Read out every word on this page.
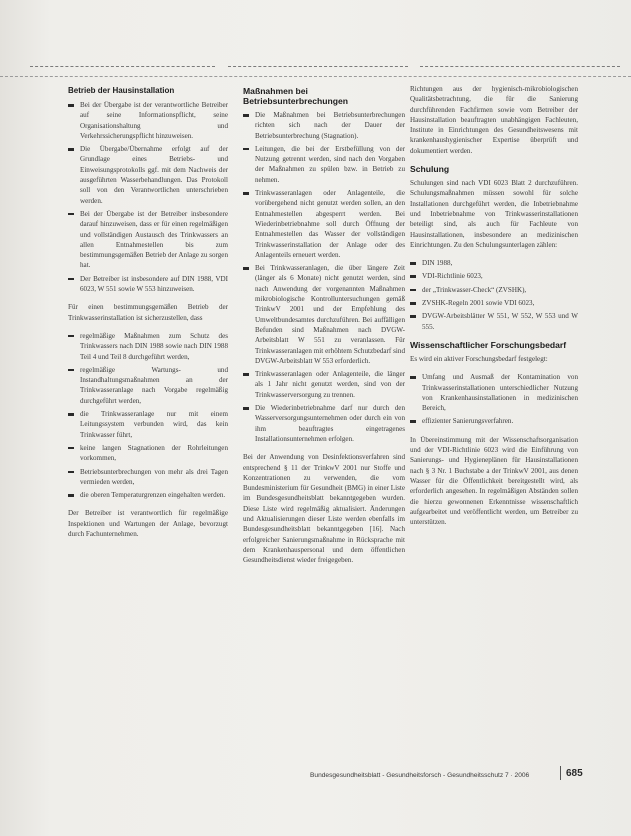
Betrieb der Hausinstallation
Bei der Übergabe ist der verantwortliche Betreiber auf seine Informationspflicht, seine Organisationshaltung und Verkehrssicherungspflicht hinzuweisen.
Die Übergabe/Übernahme erfolgt auf der Grundlage eines Betriebs- und Einweisungsprotokolls ggf. mit dem Nachweis der ausgeführten Wasserbehandlungen. Das Protokoll soll von den Verantwortlichen unterschrieben werden.
Bei der Übergabe ist der Betreiber insbesondere darauf hinzuweisen, dass er für einen regelmäßigen und vollständigen Austausch des Trinkwassers an allen Entnahmestellen bis zum bestimmungsgemäßen Betrieb der Anlage zu sorgen hat.
Der Betreiber ist insbesondere auf DIN 1988, VDI 6023, W 551 sowie W 553 hinzuweisen.

Für einen bestimmungsgemäßen Betrieb der Trinkwasserinstallation ist sicherzustellen, dass

regelmäßige Maßnahmen zum Schutz des Trinkwassers nach DIN 1988 sowie nach DIN 1988 Teil 4 und Teil 8 durchgeführt werden,
regelmäßige Wartungs- und Instandhaltungsmaßnahmen an der Trinkwasseranlage nach Vorgabe regelmäßig durchgeführt werden,
die Trinkwasseranlage nur mit einem Leitungssystem verbunden wird, das kein Trinkwasser führt,
keine langen Stagnationen der Rohrleitungen vorkommen,
Betriebsunterbrechungen von mehr als drei Tagen vermieden werden,
die oberen Temperaturgrenzen eingehalten werden.

Der Betreiber ist verantwortlich für regelmäßige Inspektionen und Wartungen der Anlage, bevorzugt durch Fachunternehmen.

Maßnahmen bei Betriebsunterbrechungen
Die Maßnahmen bei Betriebsunterbrechungen richten sich nach der Dauer der Betriebsunterbrechung (Stagnation).
Leitungen, die bei der Erstbefüllung von der Nutzung getrennt werden, sind nach den Vorgaben der Maßnahmen zu spülen bzw. in Betrieb zu nehmen.
Trinkwasseranlagen oder Anlagenteile, die vorübergehend nicht genutzt werden sollen, an den Entnahmestellen abgesperrt werden. Bei Wiederinbetriebnahme soll durch Öffnung der Entnahmestellen das Wasser der vollständigen Trinkwasserinstallation der Anlage oder des Anlagenteils erneuert werden.
Bei Trinkwasseranlagen, die über längere Zeit (länger als 6 Monate) nicht genutzt werden, sind nach Anwendung der vorgenannten Maßnahmen mikrobiologische Kontrolluntersuchungen gemäß TrinkwV 2001 und der Empfehlung des Umweltbundesamtes durchzuführen. Bei auffälligen Befunden sind Maßnahmen nach DVGW-Arbeitsblatt W 551 zu veranlassen. Für Trinkwasseranlagen mit erhöhtem Schutzbedarf sind DVGW-Arbeitsblatt W 553 erforderlich.
Trinkwasseranlagen oder Anlagenteile, die länger als 1 Jahr nicht genutzt werden, sind von der Trinkwasserversorgung zu trennen.
Die Wiederinbetriebnahme darf nur durch den Wasserversorgungsunternehmen oder durch ein von ihm beauftragtes eingetragenes Installationsunternehmen erfolgen.

Bei der Anwendung von Desinfektionsverfahren sind entsprechend § 11 der TrinkwV 2001 nur Stoffe und Konzentrationen zu verwenden, die vom Bundesministerium für Gesundheit (BMG) in einer Liste im Bundesgesundheitsblatt bekanntgegeben wurden. Diese Liste wird regelmäßig aktualisiert. Änderungen und Aktualisierungen dieser Liste werden ebenfalls im Bundesgesundheitsblatt bekanntgegeben [16]. Nach erfolgreicher Sanierungsmaßnahme in Rücksprache mit dem Krankenhauspersonal und dem öffentlichen Gesundheitsdienst wieder freigegeben.

Richtungen aus der hygienisch-mikrobiologischen Qualitätsbetrachtung, die für die Sanierung durchführenden Fachfirmen sowie vom Betreiber der Hausinstallation beauftragten unabhängigen Fachleuten, Institute in Einrichtungen des Gesundheitswesens mit krankenhaushygienischer Expertise überprüft und dokumentiert werden.

Schulung

Schulungen sind nach VDI 6023 Blatt 2 durchzuführen. Schulungsmaßnahmen müssen sowohl für solche Installationen durchgeführt werden, die Inbetriebnahme und Inbetriebnahme von Trinkwasserinstallationen beteiligt sind, als auch für Fachleute von Hausinstallationen, insbesondere an medizinischen Einrichtungen. Zu den Schulungsunterlagen zählen:

DIN 1988,
VDI-Richtlinie 6023,
der „Trinkwasser-Check“ (ZVSHK),
ZVSHK-Regeln 2001 sowie VDI 6023,
DVGW-Arbeitsblätter W 551, W 552, W 553 und W 555.
Wissenschaftlicher Forschungsbedarf

Es wird ein aktiver Forschungsbedarf festgelegt:

Umfang und Ausmaß der Kontamination von Trinkwasserinstallationen unterschiedlicher Nutzung von Krankenhausinstallationen in medizinischen Bereich,
effizienter Sanierungsverfahren.

In Übereinstimmung mit der Wissenschaftsorganisation und der VDI-Richtlinie 6023 wird die Einführung von Sanierungs- und Hygieneplänen für Hausinstallationen nach § 3 Nr. 1 Buchstabe a der TrinkwV 2001, aus denen Wasser für die Öffentlichkeit bereitgestellt wird, als erforderlich angesehen. In regelmäßigen Abständen sollen die hierzu gewonnenen Erkenntnisse wissenschaftlich aufgearbeitet und veröffentlicht werden, um Betreiber zu unterstützen.

Bundesgesundheitsblatt - Gesundheitsforsch - Gesundheitsschutz 7 · 2006	685
